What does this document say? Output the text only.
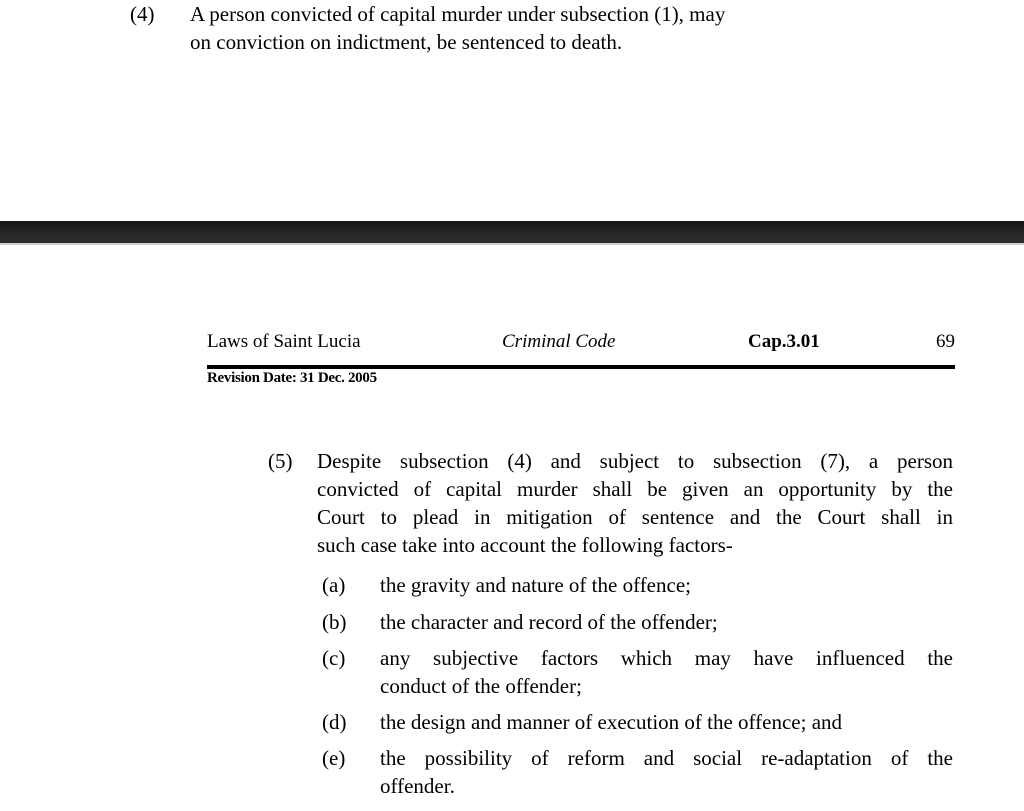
(4) A person convicted of capital murder under subsection (1), may
on conviction on indictment, be sentenced to death.
Laws of Saint Lucia	Criminal Code	Cap.3.01	69
Revision Date: 31 Dec. 2005
(5) Despite subsection (4) and subject to subsection (7), a person
convicted of capital murder shall be given an opportunity by the
Court to plead in mitigation of sentence and the Court shall in
such case take into account the following factors-
(a) the gravity and nature of the offence;
(b) the character and record of the offender;
(c) any subjective factors which may have influenced the
conduct of the offender;
(d) the design and manner of execution of the offence; and
(e) the possibility of reform and social re-adaptation of the
offender.
